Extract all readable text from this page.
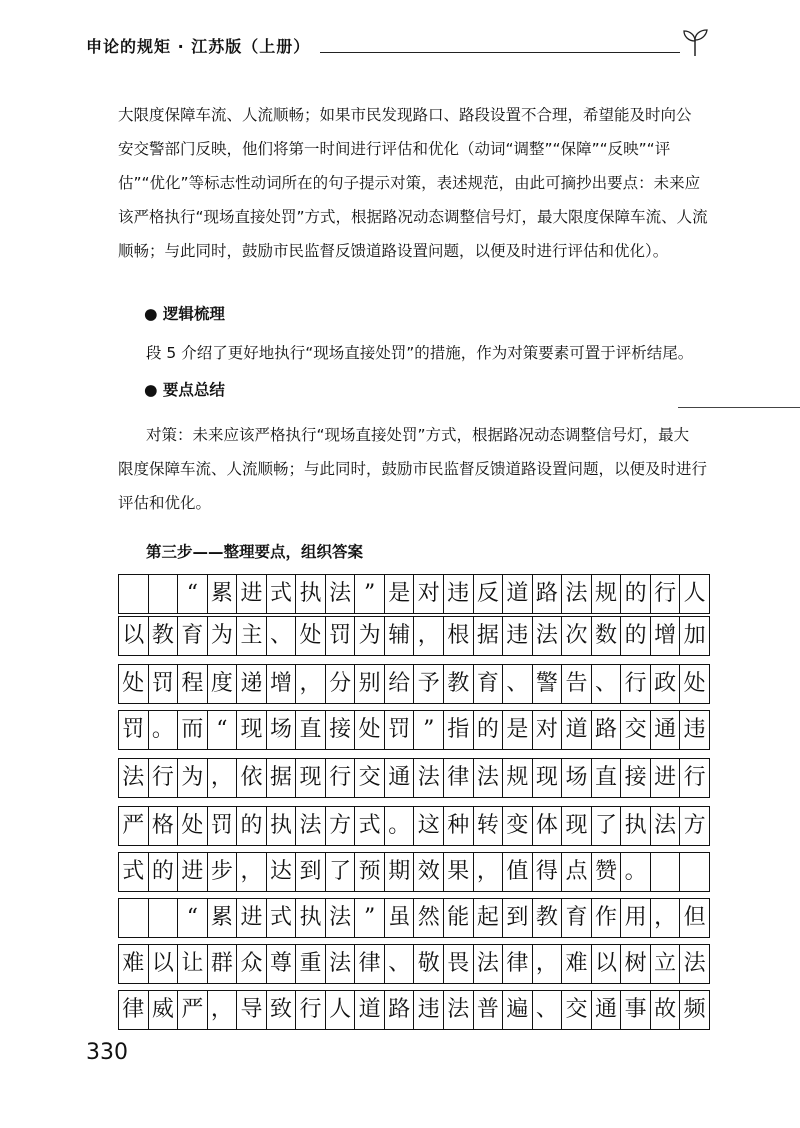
申论的规矩 · 江苏版（上册）
大限度保障车流、人流顺畅；如果市民发现路口、路段设置不合理，希望能及时向公
安交警部门反映，他们将第一时间进行评估和优化（动词“调整”“保障”“反映”“评
估”“优化”等标志性动词所在的句子提示对策，表述规范，由此可摘抄出要点：未来应
该严格执行“现场直接处罚”方式，根据路况动态调整信号灯，最大限度保障车流、人流
顺畅；与此同时，鼓励市民监督反馈道路设置问题，以便及时进行评估和优化）。
● 逻辑梳理
段 5 介绍了更好地执行“现场直接处罚”的措施，作为对策要素可置于评析结尾。
● 要点总结
对策：未来应该严格执行“现场直接处罚”方式，根据路况动态调整信号灯，最大
限度保障车流、人流顺畅；与此同时，鼓励市民监督反馈道路设置问题，以便及时进行
评估和优化。
第三步——整理要点，组织答案
“ 累 进 式 执 法 ” 是 对 违 反 道 路 法 规 的 行 人
以 教 育 为 主 、 处 罚 为 辅 ， 根 据 违 法 次 数 的 增 加
处 罚 程 度 递 增 ， 分 别 给 予 教 育 、 警 告 、 行 政 处
罚 。 而 “ 现 场 直 接 处 罚 ” 指 的 是 对 道 路 交 通 违
法 行 为 ， 依 据 现 行 交 通 法 律 法 规 现 场 直 接 进 行
严 格 处 罚 的 执 法 方 式 。 这 种 转 变 体 现 了 执 法 方
式 的 进 步 ， 达 到 了 预 期 效 果 ， 值 得 点 赞 。
“ 累 进 式 执 法 ” 虽 然 能 起 到 教 育 作 用 ， 但
难 以 让 群 众 尊 重 法 律 、 敬 畏 法 律 ， 难 以 树 立 法
律 威 严 ， 导 致 行 人 道 路 违 法 普 遍 、 交 通 事 故 频
330
